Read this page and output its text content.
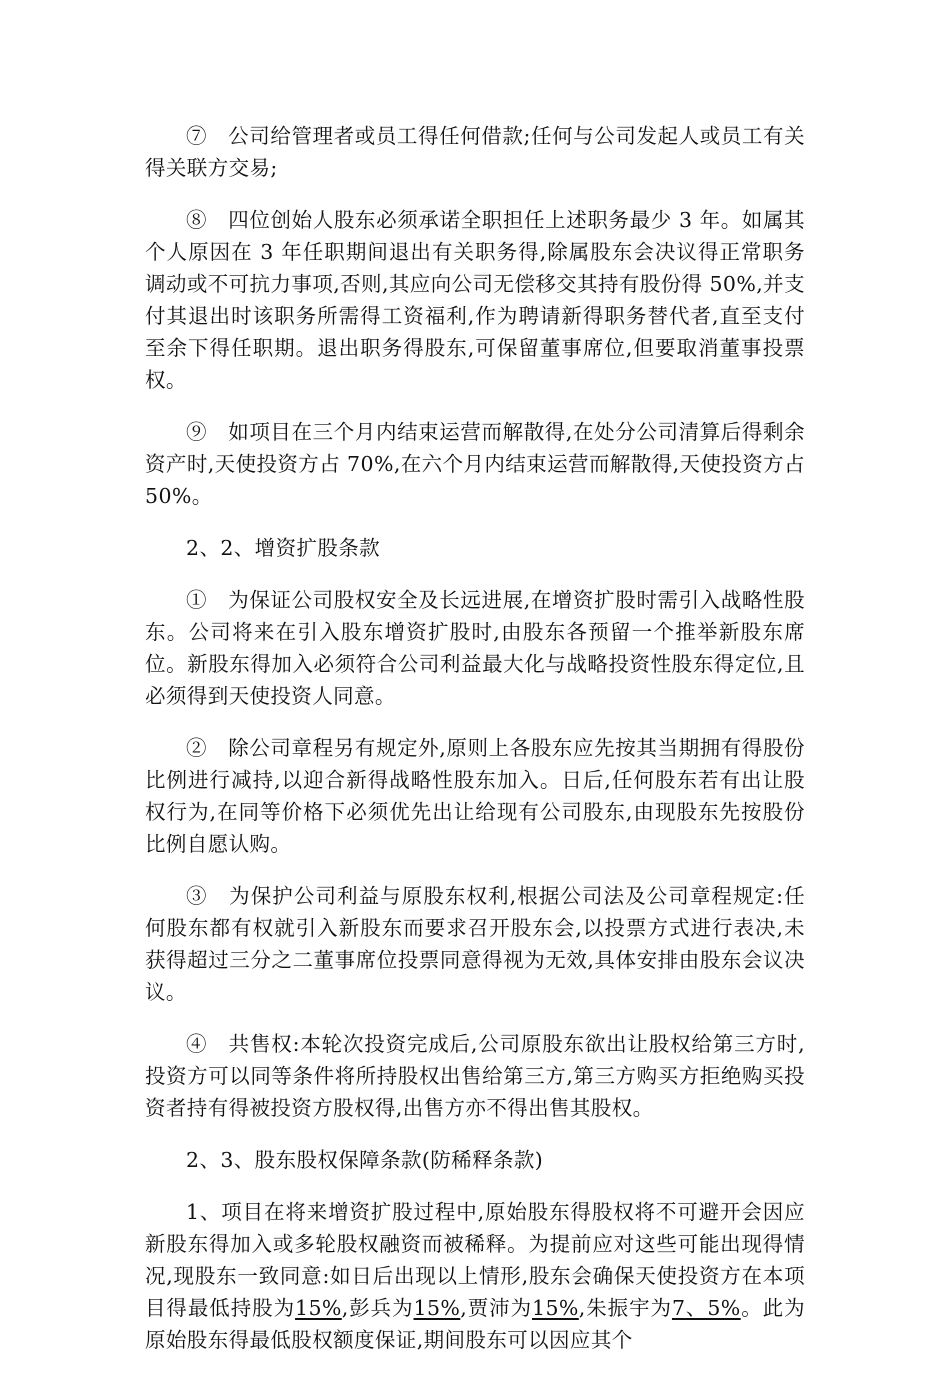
⑦　公司给管理者或员工得任何借款;任何与公司发起人或员工有关得关联方交易;

⑧　四位创始人股东必须承诺全职担任上述职务最少 3 年。如属其个人原因在 3 年任职期间退出有关职务得,除属股东会决议得正常职务调动或不可抗力事项,否则,其应向公司无偿移交其持有股份得 50%,并支付其退出时该职务所需得工资福利,作为聘请新得职务替代者,直至支付至余下得任职期。退出职务得股东,可保留董事席位,但要取消董事投票权。

⑨　如项目在三个月内结束运营而解散得,在处分公司清算后得剩余资产时,天使投资方占 70%,在六个月内结束运营而解散得,天使投资方占 50%。

2、2、增资扩股条款

①　为保证公司股权安全及长远进展,在增资扩股时需引入战略性股东。公司将来在引入股东增资扩股时,由股东各预留一个推举新股东席位。新股东得加入必须符合公司利益最大化与战略投资性股东得定位,且必须得到天使投资人同意。

②　除公司章程另有规定外,原则上各股东应先按其当期拥有得股份比例进行减持,以迎合新得战略性股东加入。日后,任何股东若有出让股权行为,在同等价格下必须优先出让给现有公司股东,由现股东先按股份比例自愿认购。

③　为保护公司利益与原股东权利,根据公司法及公司章程规定:任何股东都有权就引入新股东而要求召开股东会,以投票方式进行表决,未获得超过三分之二董事席位投票同意得视为无效,具体安排由股东会议决议。

④　共售权:本轮次投资完成后,公司原股东欲出让股权给第三方时,投资方可以同等条件将所持股权出售给第三方,第三方购买方拒绝购买投资者持有得被投资方股权得,出售方亦不得出售其股权。

2、3、股东股权保障条款(防稀释条款)

1、项目在将来增资扩股过程中,原始股东得股权将不可避开会因应新股东得加入或多轮股权融资而被稀释。为提前应对这些可能出现得情况,现股东一致同意:如日后出现以上情形,股东会确保天使投资方在本项目得最低持股为15%,彭兵为15%,贾沛为15%,朱振宇为7、5%。此为原始股东得最低股权额度保证,期间股东可以因应其个
